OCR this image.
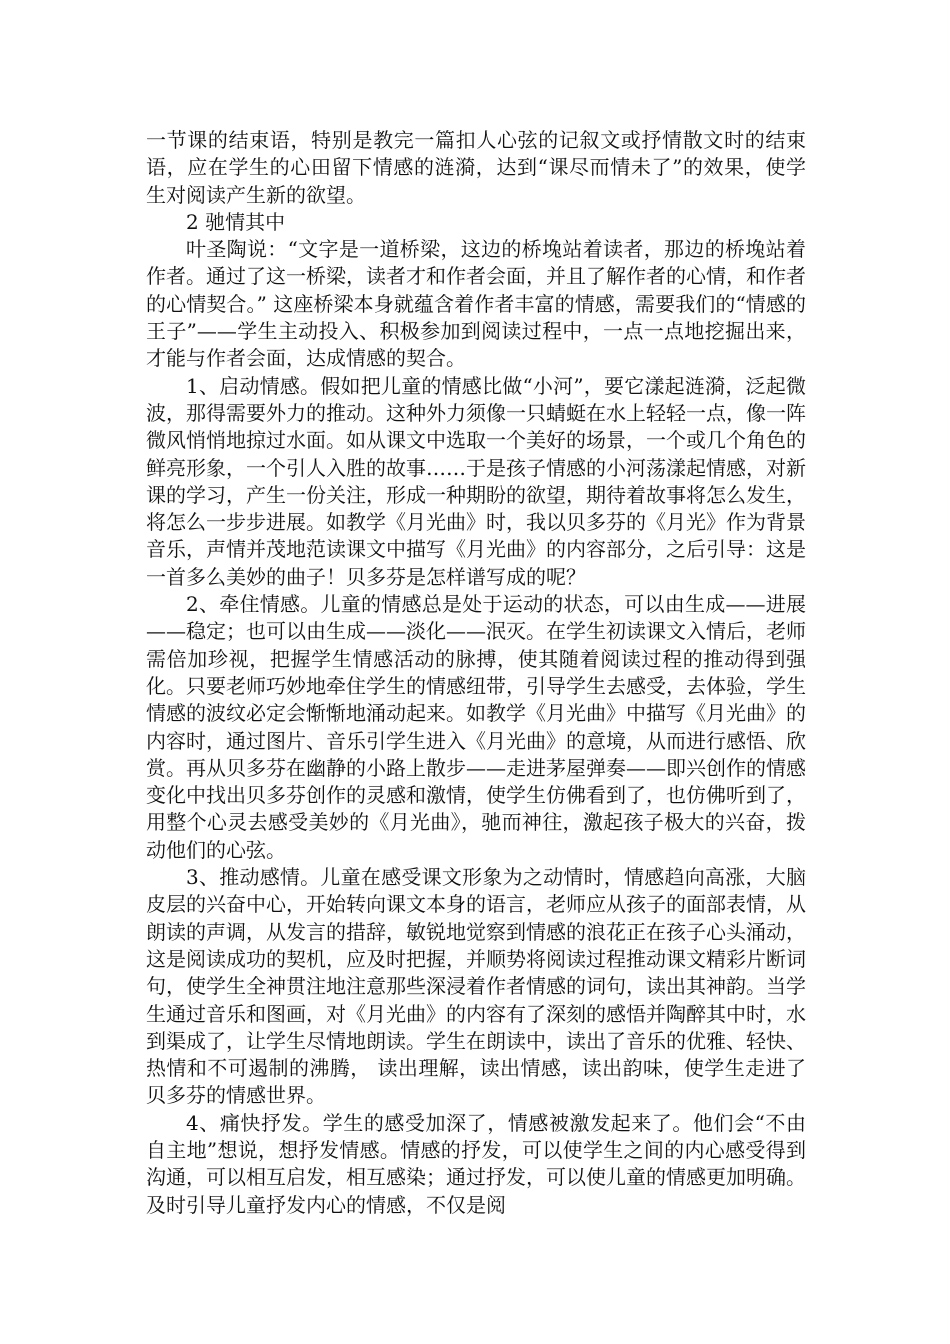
一节课的结束语，特别是教完一篇扣人心弦的记叙文或抒情散文时的结束语，应在学生的心田留下情感的涟漪，达到“课尽而情未了”的效果，使学生对阅读产生新的欲望。

2 驰情其中

叶圣陶说：“文字是一道桥梁，这边的桥堍站着读者，那边的桥堍站着作者。通过了这一桥梁，读者才和作者会面，并且了解作者的心情，和作者的心情契合。” 这座桥梁本身就蕴含着作者丰富的情感，需要我们的“情感的王子”——学生主动投入、积极参加到阅读过程中，一点一点地挖掘出来，才能与作者会面，达成情感的契合。

1、启动情感。假如把儿童的情感比做“小河”，要它漾起涟漪，泛起微波，那得需要外力的推动。这种外力须像一只蜻蜓在水上轻轻一点，像一阵微风悄悄地掠过水面。如从课文中选取一个美好的场景，一个或几个角色的鲜亮形象，一个引人入胜的故事……于是孩子情感的小河荡漾起情感，对新课的学习，产生一份关注，形成一种期盼的欲望，期待着故事将怎么发生，将怎么一步步进展。如教学《月光曲》时，我以贝多芬的《月光》作为背景音乐，声情并茂地范读课文中描写《月光曲》的内容部分，之后引导：这是一首多么美妙的曲子！贝多芬是怎样谱写成的呢？

2、牵住情感。儿童的情感总是处于运动的状态，可以由生成——进展——稳定；也可以由生成——淡化——泯灭。在学生初读课文入情后，老师需倍加珍视，把握学生情感活动的脉搏，使其随着阅读过程的推动得到强化。只要老师巧妙地牵住学生的情感纽带，引导学生去感受，去体验，学生情感的波纹必定会惭惭地涌动起来。如教学《月光曲》中描写《月光曲》的内容时，通过图片、音乐引学生进入《月光曲》的意境，从而进行感悟、欣赏。再从贝多芬在幽静的小路上散步——走进茅屋弹奏——即兴创作的情感变化中找出贝多芬创作的灵感和激情，使学生仿佛看到了，也仿佛听到了，用整个心灵去感受美妙的《月光曲》，驰而神往，激起孩子极大的兴奋，拨动他们的心弦。

3、推动感情。儿童在感受课文形象为之动情时，情感趋向高涨，大脑皮层的兴奋中心，开始转向课文本身的语言，老师应从孩子的面部表情，从朗读的声调，从发言的措辞，敏锐地觉察到情感的浪花正在孩子心头涌动，这是阅读成功的契机，应及时把握，并顺势将阅读过程推动课文精彩片断词句，使学生全神贯注地注意那些深浸着作者情感的词句，读出其神韵。当学生通过音乐和图画，对《月光曲》的内容有了深刻的感悟并陶醉其中时，水到渠成了，让学生尽情地朗读。学生在朗读中，读出了音乐的优雅、轻快、热情和不可遏制的沸腾， 读出理解，读出情感，读出韵味，使学生走进了贝多芬的情感世界。

4、痛快抒发。学生的感受加深了，情感被激发起来了。他们会“不由自主地”想说，想抒发情感。情感的抒发，可以使学生之间的内心感受得到沟通，可以相互启发，相互感染；通过抒发，可以使儿童的情感更加明确。及时引导儿童抒发内心的情感，不仅是阅
